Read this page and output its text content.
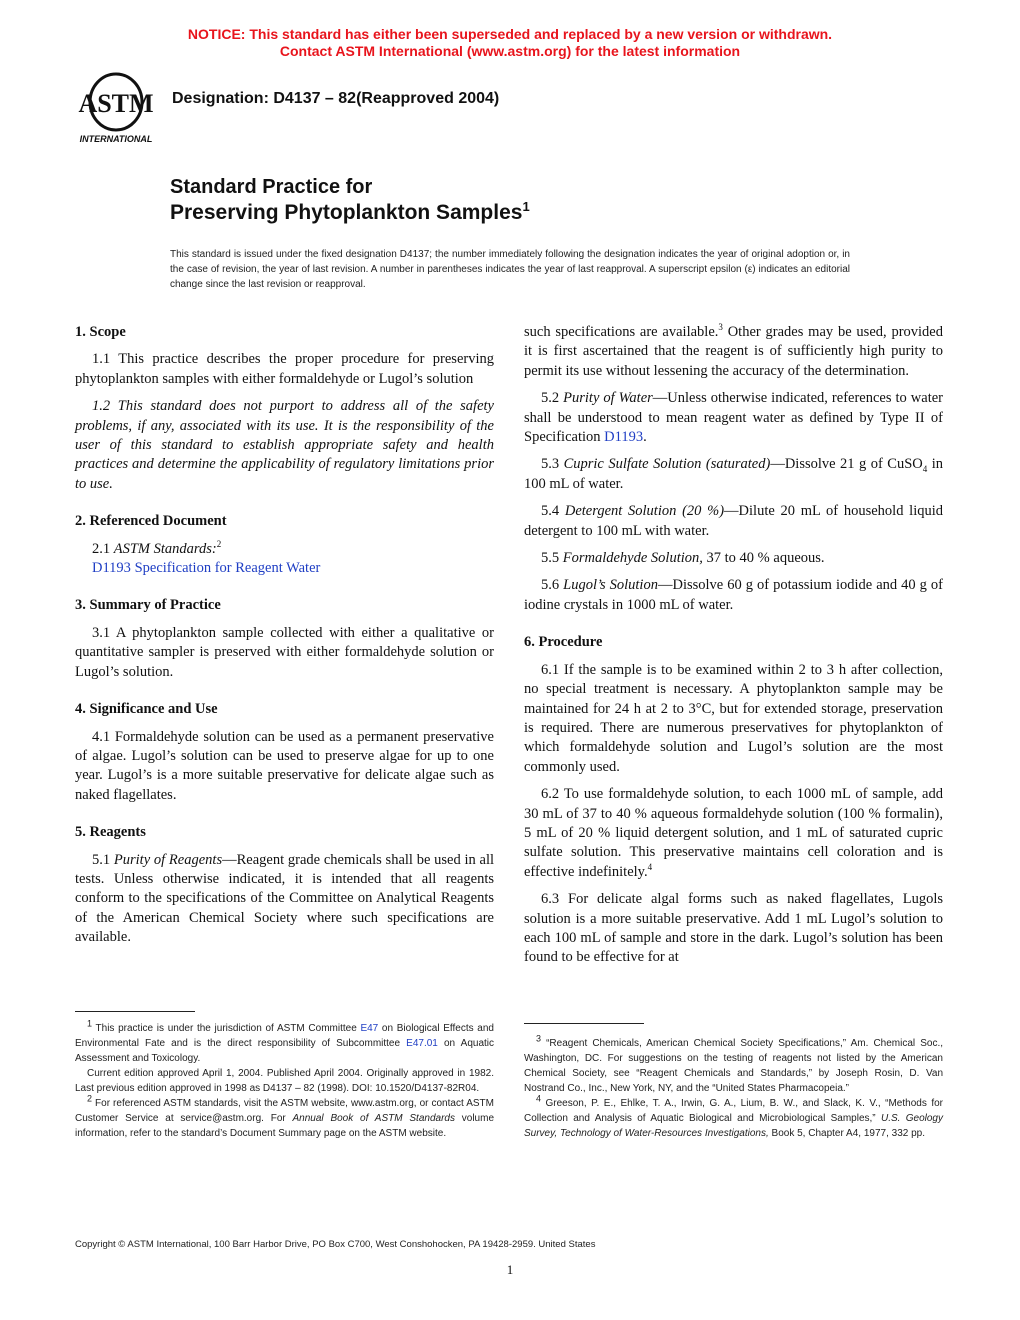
NOTICE: This standard has either been superseded and replaced by a new version or withdrawn.
Contact ASTM International (www.astm.org) for the latest information
ASTM
INTERNATIONAL
Designation: D4137 – 82(Reapproved 2004)
Standard Practice for
Preserving Phytoplankton Samples$^1$
This standard is issued under the fixed designation D4137; the number immediately following the designation indicates the year of original adoption or, in the case of revision, the year of last revision. A number in parentheses indicates the year of last reapproval. A superscript epsilon (ε) indicates an editorial change since the last revision or reapproval.
1. Scope

1.1 This practice describes the proper procedure for preserving phytoplankton samples with either formaldehyde or Lugol’s solution

1.2 This standard does not purport to address all of the safety problems, if any, associated with its use. It is the responsibility of the user of this standard to establish appropriate safety and health practices and determine the applicability of regulatory limitations prior to use.

2. Referenced Document

2.1 ASTM Standards:$^2$

D1193 Specification for Reagent Water

3. Summary of Practice

3.1 A phytoplankton sample collected with either a qualitative or quantitative sampler is preserved with either formaldehyde solution or Lugol’s solution.

4. Significance and Use

4.1 Formaldehyde solution can be used as a permanent preservative of algae. Lugol’s solution can be used to preserve algae for up to one year. Lugol’s is a more suitable preservative for delicate algae such as naked flagellates.

5. Reagents

5.1 Purity of Reagents—Reagent grade chemicals shall be used in all tests. Unless otherwise indicated, it is intended that all reagents conform to the specifications of the Committee on Analytical Reagents of the American Chemical Society where such specifications are available.

$^1$ This practice is under the jurisdiction of ASTM Committee E47 on Biological Effects and Environmental Fate and is the direct responsibility of Subcommittee E47.01 on Aquatic Assessment and Toxicology.

Current edition approved April 1, 2004. Published April 2004. Originally approved in 1982. Last previous edition approved in 1998 as D4137 – 82 (1998). DOI: 10.1520/D4137-82R04.

$^2$ For referenced ASTM standards, visit the ASTM website, www.astm.org, or contact ASTM Customer Service at service@astm.org. For Annual Book of ASTM Standards volume information, refer to the standard’s Document Summary page on the ASTM website.

such specifications are available.$^3$ Other grades may be used, provided it is first ascertained that the reagent is of sufficiently high purity to permit its use without lessening the accuracy of the determination.

5.2 Purity of Water—Unless otherwise indicated, references to water shall be understood to mean reagent water as defined by Type II of Specification D1193.

5.3 Cupric Sulfate Solution (saturated)—Dissolve 21 g of CuSO$_4$ in 100 mL of water.

5.4 Detergent Solution (20 %)—Dilute 20 mL of household liquid detergent to 100 mL with water.

5.5 Formaldehyde Solution, 37 to 40 % aqueous.

5.6 Lugol’s Solution—Dissolve 60 g of potassium iodide and 40 g of iodine crystals in 1000 mL of water.

6. Procedure

6.1 If the sample is to be examined within 2 to 3 h after collection, no special treatment is necessary. A phytoplankton sample may be maintained for 24 h at 2 to 3°C, but for extended storage, preservation is required. There are numerous preservatives for phytoplankton of which formaldehyde solution and Lugol’s solution are the most commonly used.

6.2 To use formaldehyde solution, to each 1000 mL of sample, add 30 mL of 37 to 40 % aqueous formaldehyde solution (100 % formalin), 5 mL of 20 % liquid detergent solution, and 1 mL of saturated cupric sulfate solution. This preservative maintains cell coloration and is effective indefinitely.$^4$

6.3 For delicate algal forms such as naked flagellates, Lugols solution is a more suitable preservative. Add 1 mL Lugol’s solution to each 100 mL of sample and store in the dark. Lugol’s solution has been found to be effective for at

$^3$ “Reagent Chemicals, American Chemical Society Specifications,” Am. Chemical Soc., Washington, DC. For suggestions on the testing of reagents not listed by the American Chemical Society, see “Reagent Chemicals and Standards,” by Joseph Rosin, D. Van Nostrand Co., Inc., New York, NY, and the “United States Pharmacopeia.”

$^4$ Greeson, P. E., Ehlke, T. A., Irwin, G. A., Lium, B. W., and Slack, K. V., “Methods for Collection and Analysis of Aquatic Biological and Microbiological Samples,” U.S. Geology Survey, Technology of Water-Resources Investigations, Book 5, Chapter A4, 1977, 332 pp.

Copyright © ASTM International, 100 Barr Harbor Drive, PO Box C700, West Conshohocken, PA 19428-2959. United States
1
